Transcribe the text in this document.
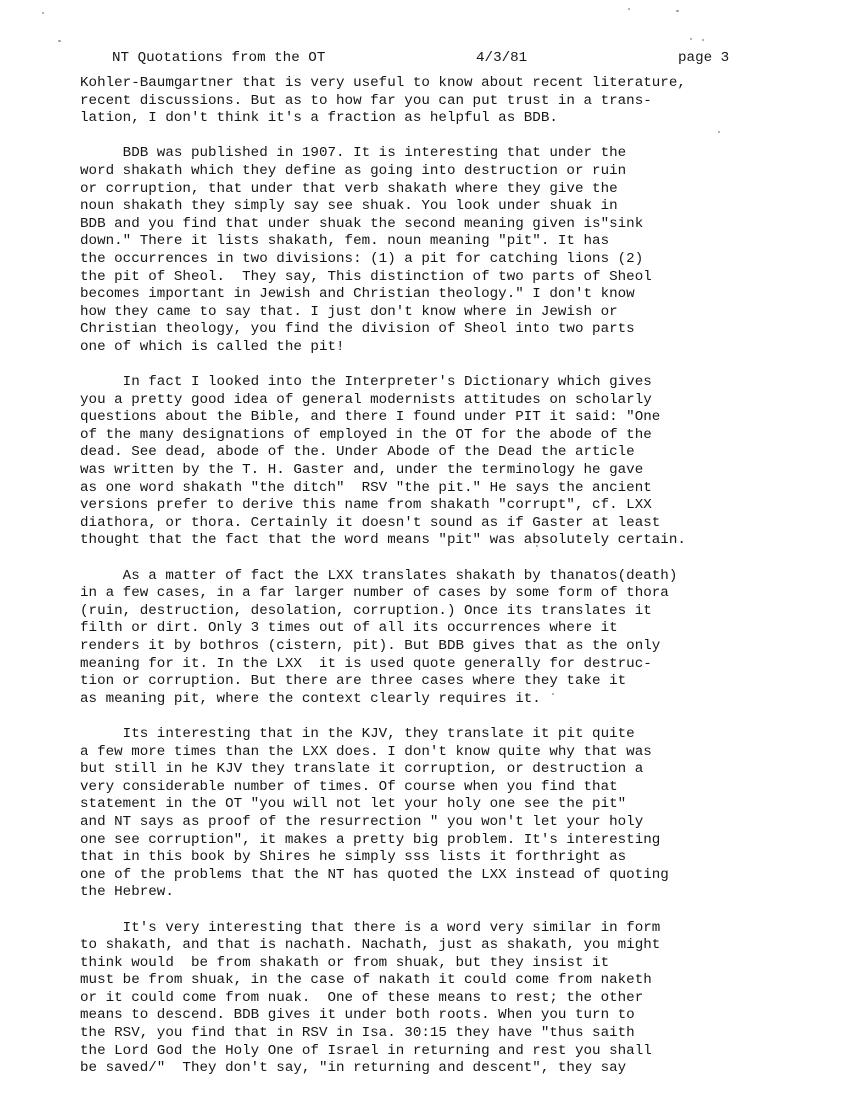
NT Quotations from the OT	4/3/81	page 3
Kohler-Baumgartner that is very useful to know about recent literature,
recent discussions. But as to how far you can put trust in a trans-
lation, I don't think it's a fraction as helpful as BDB.
BDB was published in 1907. It is interesting that under the
word shakath which they define as going into destruction or ruin
or corruption, that under that verb shakath where they give the
noun shakath they simply say see shuak. You look under shuak in
BDB and you find that under shuak the second meaning given is"sink
down." There it lists shakath, fem. noun meaning "pit". It has
the occurrences in two divisions: (1) a pit for catching lions (2)
the pit of Sheol.  They say, This distinction of two parts of Sheol
becomes important in Jewish and Christian theology." I don't know
how they came to say that. I just don't know where in Jewish or
Christian theology, you find the division of Sheol into two parts
one of which is called the pit!
In fact I looked into the Interpreter's Dictionary which gives
you a pretty good idea of general modernists attitudes on scholarly
questions about the Bible, and there I found under PIT it said: "One
of the many designations of employed in the OT for the abode of the
dead. See dead, abode of the. Under Abode of the Dead the article
was written by the T. H. Gaster and, under the terminology he gave
as one word shakath "the ditch"  RSV "the pit." He says the ancient
versions prefer to derive this name from shakath "corrupt", cf. LXX
diathora, or thora. Certainly it doesn't sound as if Gaster at least
thought that the fact that the word means "pit" was absolutely certain.
As a matter of fact the LXX translates shakath by thanatos(death)
in a few cases, in a far larger number of cases by some form of thora
(ruin, destruction, desolation, corruption.) Once its translates it
filth or dirt. Only 3 times out of all its occurrences where it
renders it by bothros (cistern, pit). But BDB gives that as the only
meaning for it. In the LXX  it is used quote generally for destruc-
tion or corruption. But there are three cases where they take it
as meaning pit, where the context clearly requires it.
Its interesting that in the KJV, they translate it pit quite
a few more times than the LXX does. I don't know quite why that was
but still in he KJV they translate it corruption, or destruction a
very considerable number of times. Of course when you find that
statement in the OT "you will not let your holy one see the pit"
and NT says as proof of the resurrection " you won't let your holy
one see corruption", it makes a pretty big problem. It's interesting
that in this book by Shires he simply sss lists it forthright as
one of the problems that the NT has quoted the LXX instead of quoting
the Hebrew.
It's very interesting that there is a word very similar in form
to shakath, and that is nachath. Nachath, just as shakath, you might
think would  be from shakath or from shuak, but they insist it
must be from shuak, in the case of nakath it could come from naketh
or it could come from nuak.  One of these means to rest; the other
means to descend. BDB gives it under both roots. When you turn to
the RSV, you find that in RSV in Isa. 30:15 they have "thus saith
the Lord God the Holy One of Israel in returning and rest you shall
be saved/"  They don't say, "in returning and descent", they say
